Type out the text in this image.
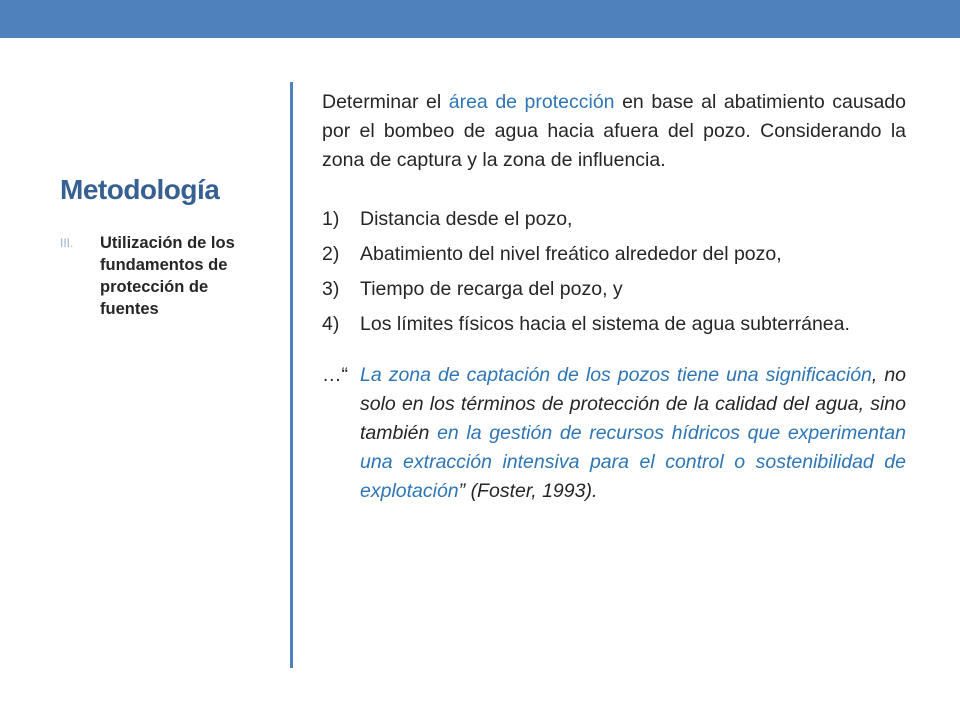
Metodología
III. Utilización de los fundamentos de protección de fuentes

Determinar el área de protección en base al abatimiento causado por el bombeo de agua hacia afuera del pozo. Considerando la zona de captura y la zona de influencia.

1) Distancia desde el pozo,
2) Abatimiento del nivel freático alrededor del pozo,
3) Tiempo de recarga del pozo, y
4) Los límites físicos hacia el sistema de agua subterránea.

…“ La zona de captación de los pozos tiene una significación, no solo en los términos de protección de la calidad del agua, sino también en la gestión de recursos hídricos que experimentan una extracción intensiva para el control o sostenibilidad de explotación” (Foster, 1993).
